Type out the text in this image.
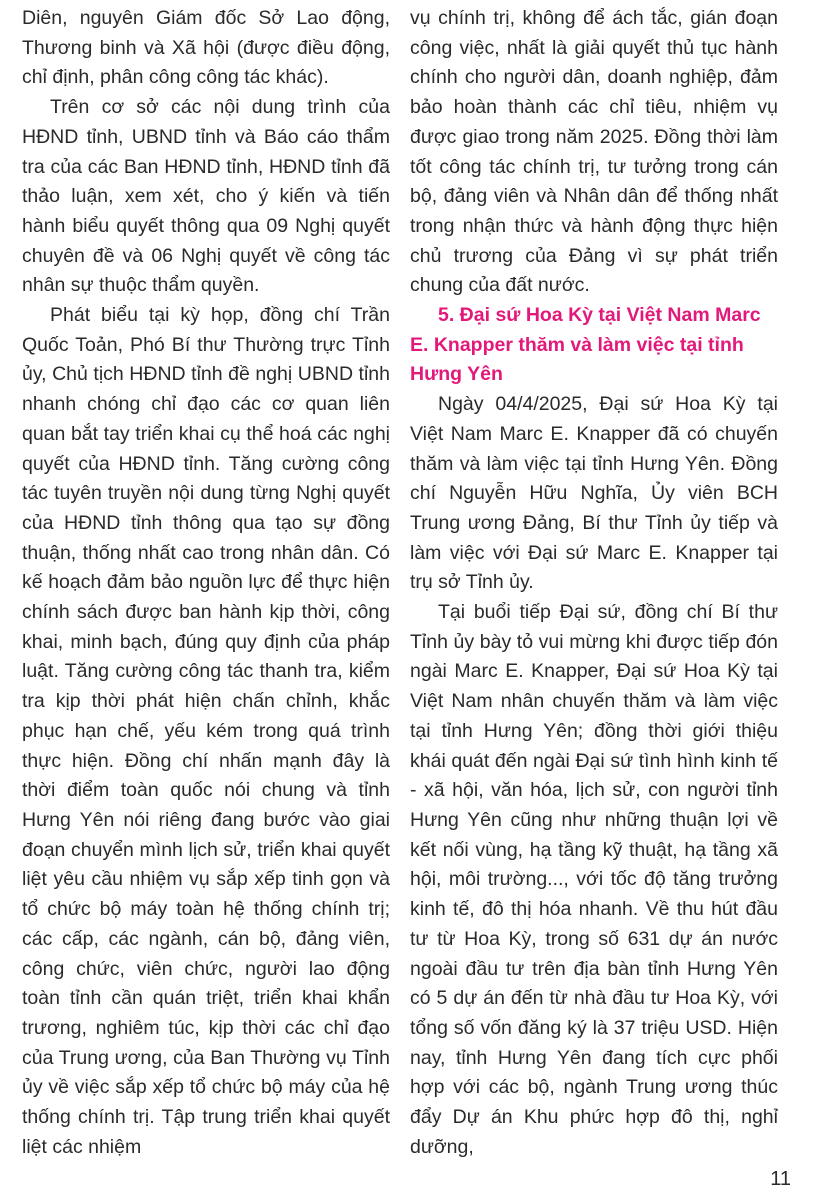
Diên, nguyên Giám đốc Sở Lao động, Thương binh và Xã hội (được điều động, chỉ định, phân công công tác khác).

Trên cơ sở các nội dung trình của HĐND tỉnh, UBND tỉnh và Báo cáo thẩm tra của các Ban HĐND tỉnh, HĐND tỉnh đã thảo luận, xem xét, cho ý kiến và tiến hành biểu quyết thông qua 09 Nghị quyết chuyên đề và 06 Nghị quyết về công tác nhân sự thuộc thẩm quyền.

Phát biểu tại kỳ họp, đồng chí Trần Quốc Toản, Phó Bí thư Thường trực Tỉnh ủy, Chủ tịch HĐND tỉnh đề nghị UBND tỉnh nhanh chóng chỉ đạo các cơ quan liên quan bắt tay triển khai cụ thể hoá các nghị quyết của HĐND tỉnh. Tăng cường công tác tuyên truyền nội dung từng Nghị quyết của HĐND tỉnh thông qua tạo sự đồng thuận, thống nhất cao trong nhân dân. Có kế hoạch đảm bảo nguồn lực để thực hiện chính sách được ban hành kịp thời, công khai, minh bạch, đúng quy định của pháp luật. Tăng cường công tác thanh tra, kiểm tra kịp thời phát hiện chấn chỉnh, khắc phục hạn chế, yếu kém trong quá trình thực hiện. Đồng chí nhấn mạnh đây là thời điểm toàn quốc nói chung và tỉnh Hưng Yên nói riêng đang bước vào giai đoạn chuyển mình lịch sử, triển khai quyết liệt yêu cầu nhiệm vụ sắp xếp tinh gọn và tổ chức bộ máy toàn hệ thống chính trị; các cấp, các ngành, cán bộ, đảng viên, công chức, viên chức, người lao động toàn tỉnh cần quán triệt, triển khai khẩn trương, nghiêm túc, kịp thời các chỉ đạo của Trung ương, của Ban Thường vụ Tỉnh ủy về việc sắp xếp tổ chức bộ máy của hệ thống chính trị. Tập trung triển khai quyết liệt các nhiệm

vụ chính trị, không để ách tắc, gián đoạn công việc, nhất là giải quyết thủ tục hành chính cho người dân, doanh nghiệp, đảm bảo hoàn thành các chỉ tiêu, nhiệm vụ được giao trong năm 2025. Đồng thời làm tốt công tác chính trị, tư tưởng trong cán bộ, đảng viên và Nhân dân để thống nhất trong nhận thức và hành động thực hiện chủ trương của Đảng vì sự phát triển chung của đất nước.

5. Đại sứ Hoa Kỳ tại Việt Nam Marc E. Knapper thăm và làm việc tại tỉnh Hưng Yên

Ngày 04/4/2025, Đại sứ Hoa Kỳ tại Việt Nam Marc E. Knapper đã có chuyến thăm và làm việc tại tỉnh Hưng Yên. Đồng chí Nguyễn Hữu Nghĩa, Ủy viên BCH Trung ương Đảng, Bí thư Tỉnh ủy tiếp và làm việc với Đại sứ Marc E. Knapper tại trụ sở Tỉnh ủy.

Tại buổi tiếp Đại sứ, đồng chí Bí thư Tỉnh ủy bày tỏ vui mừng khi được tiếp đón ngài Marc E. Knapper, Đại sứ Hoa Kỳ tại Việt Nam nhân chuyến thăm và làm việc tại tỉnh Hưng Yên; đồng thời giới thiệu khái quát đến ngài Đại sứ tình hình kinh tế - xã hội, văn hóa, lịch sử, con người tỉnh Hưng Yên cũng như những thuận lợi về kết nối vùng, hạ tầng kỹ thuật, hạ tầng xã hội, môi trường..., với tốc độ tăng trưởng kinh tế, đô thị hóa nhanh. Về thu hút đầu tư từ Hoa Kỳ, trong số 631 dự án nước ngoài đầu tư trên địa bàn tỉnh Hưng Yên có 5 dự án đến từ nhà đầu tư Hoa Kỳ, với tổng số vốn đăng ký là 37 triệu USD. Hiện nay, tỉnh Hưng Yên đang tích cực phối hợp với các bộ, ngành Trung ương thúc đẩy Dự án Khu phức hợp đô thị, nghỉ dưỡng,

11
